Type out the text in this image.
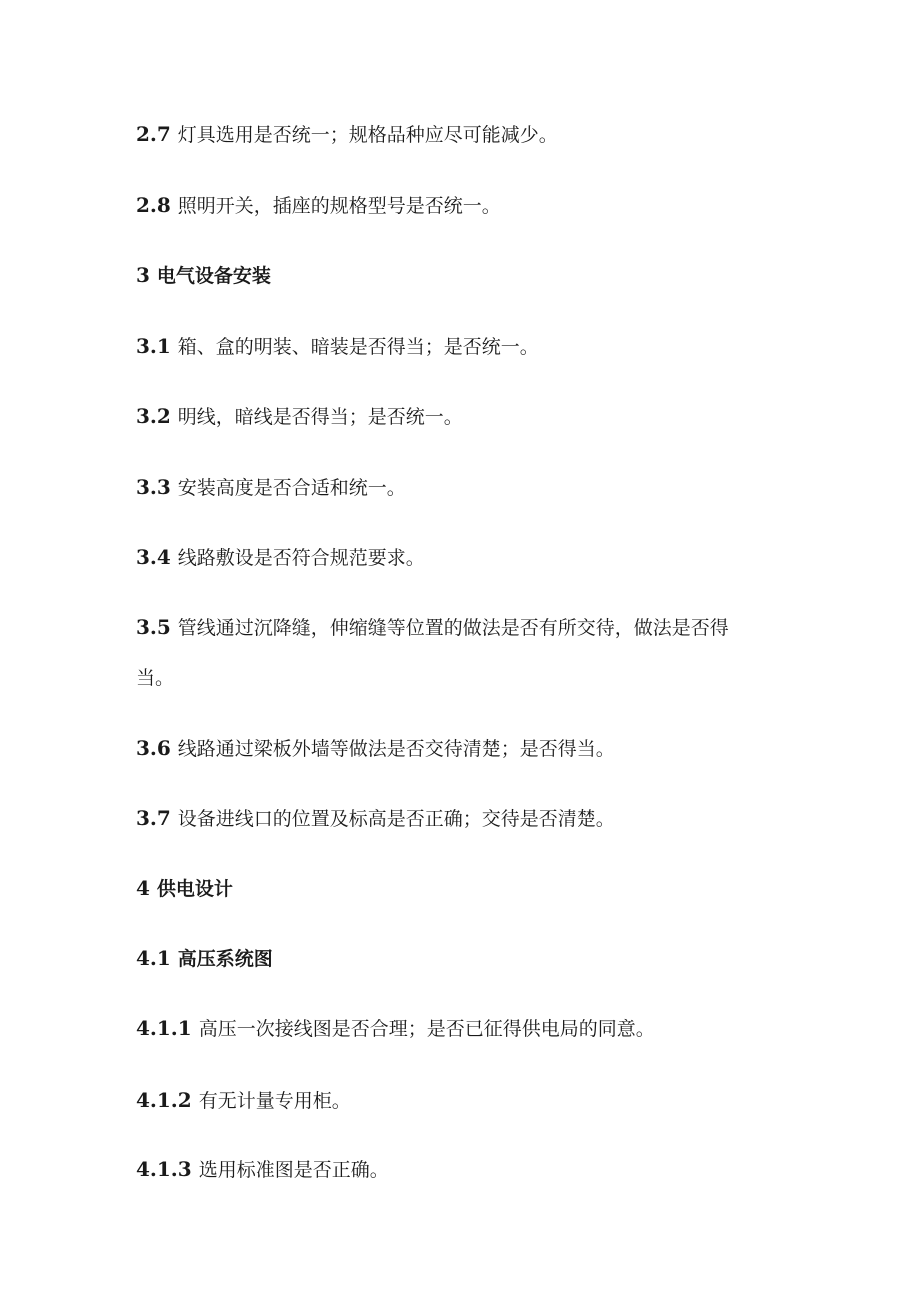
2.7 灯具选用是否统一；规格品种应尽可能减少。
2.8 照明开关，插座的规格型号是否统一。
3 电气设备安装
3.1 箱、盒的明装、暗装是否得当；是否统一。
3.2 明线，暗线是否得当；是否统一。
3.3 安装高度是否合适和统一。
3.4 线路敷设是否符合规范要求。
3.5 管线通过沉降缝，伸缩缝等位置的做法是否有所交待，做法是否得
当。
3.6 线路通过梁板外墙等做法是否交待清楚；是否得当。
3.7 设备进线口的位置及标高是否正确；交待是否清楚。
4 供电设计
4.1 高压系统图
4.1.1 高压一次接线图是否合理；是否已征得供电局的同意。
4.1.2 有无计量专用柜。
4.1.3 选用标准图是否正确。
